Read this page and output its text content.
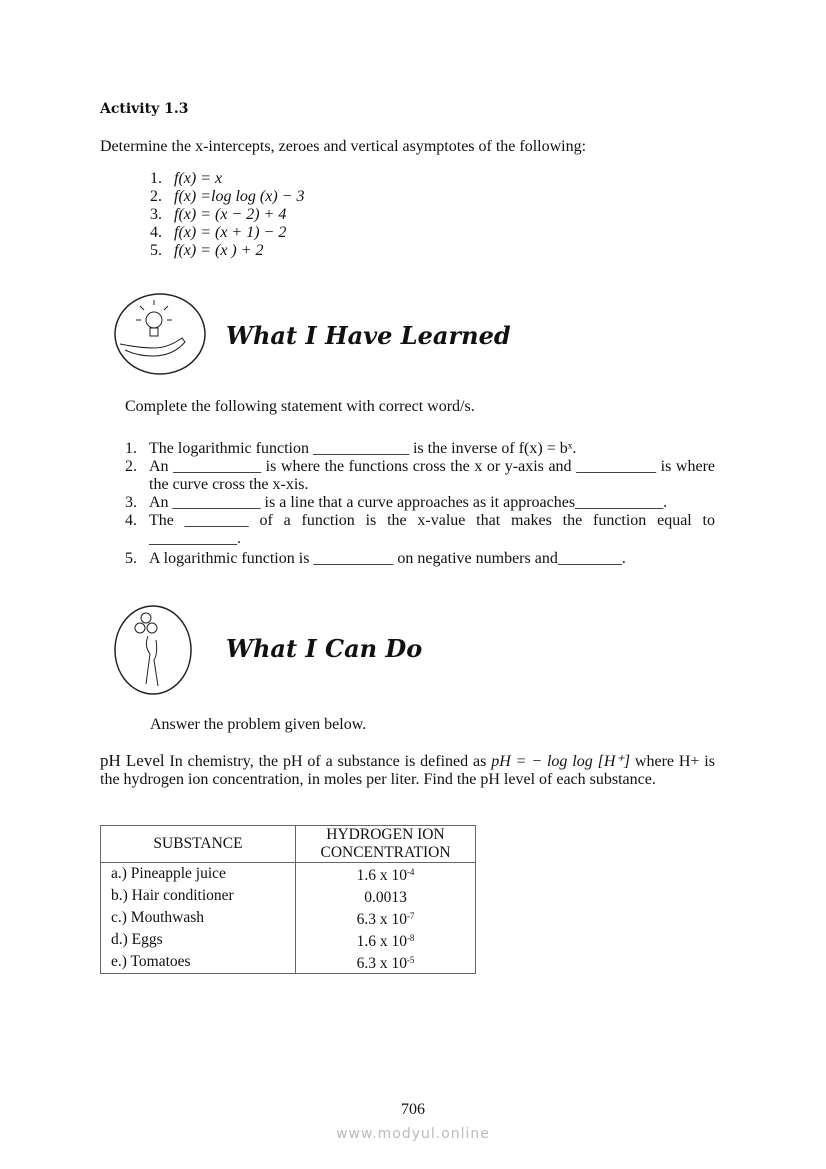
Activity 1.3
Determine the x-intercepts, zeroes and vertical asymptotes of the following:
1. f(x) = x
2. f(x) =log log (x) − 3
3. f(x) = (x − 2) + 4
4. f(x) = (x + 1) − 2
5. f(x) = (x ) + 2
What I Have Learned
Complete the following statement with correct word/s.
1. The logarithmic function ____________ is the inverse of f(x) = bˣ.
2. An ___________ is where the functions cross the x or y-axis and __________ is where the curve cross the x-xis.
3. An ___________ is a line that a curve approaches as it approaches___________.
4. The ________ of a function is the x-value that makes the function equal to ___________.
5. A logarithmic function is __________ on negative numbers and________.
What I Can Do
Answer the problem given below.
pH Level In chemistry, the pH of a substance is defined as pH = − log log [H⁺] where H+ is the hydrogen ion concentration, in moles per liter. Find the pH level of each substance.
SUBSTANCE	HYDROGEN ION CONCENTRATION
a.) Pineapple juice	1.6 x $10^{-4}$
b.) Hair conditioner	0.0013
c.) Mouthwash	6.3 x $10^{-7}$
d.) Eggs	1.6 x $10^{-8}$
e.) Tomatoes	6.3 x $10^{-5}$
706
www.modyul.online
